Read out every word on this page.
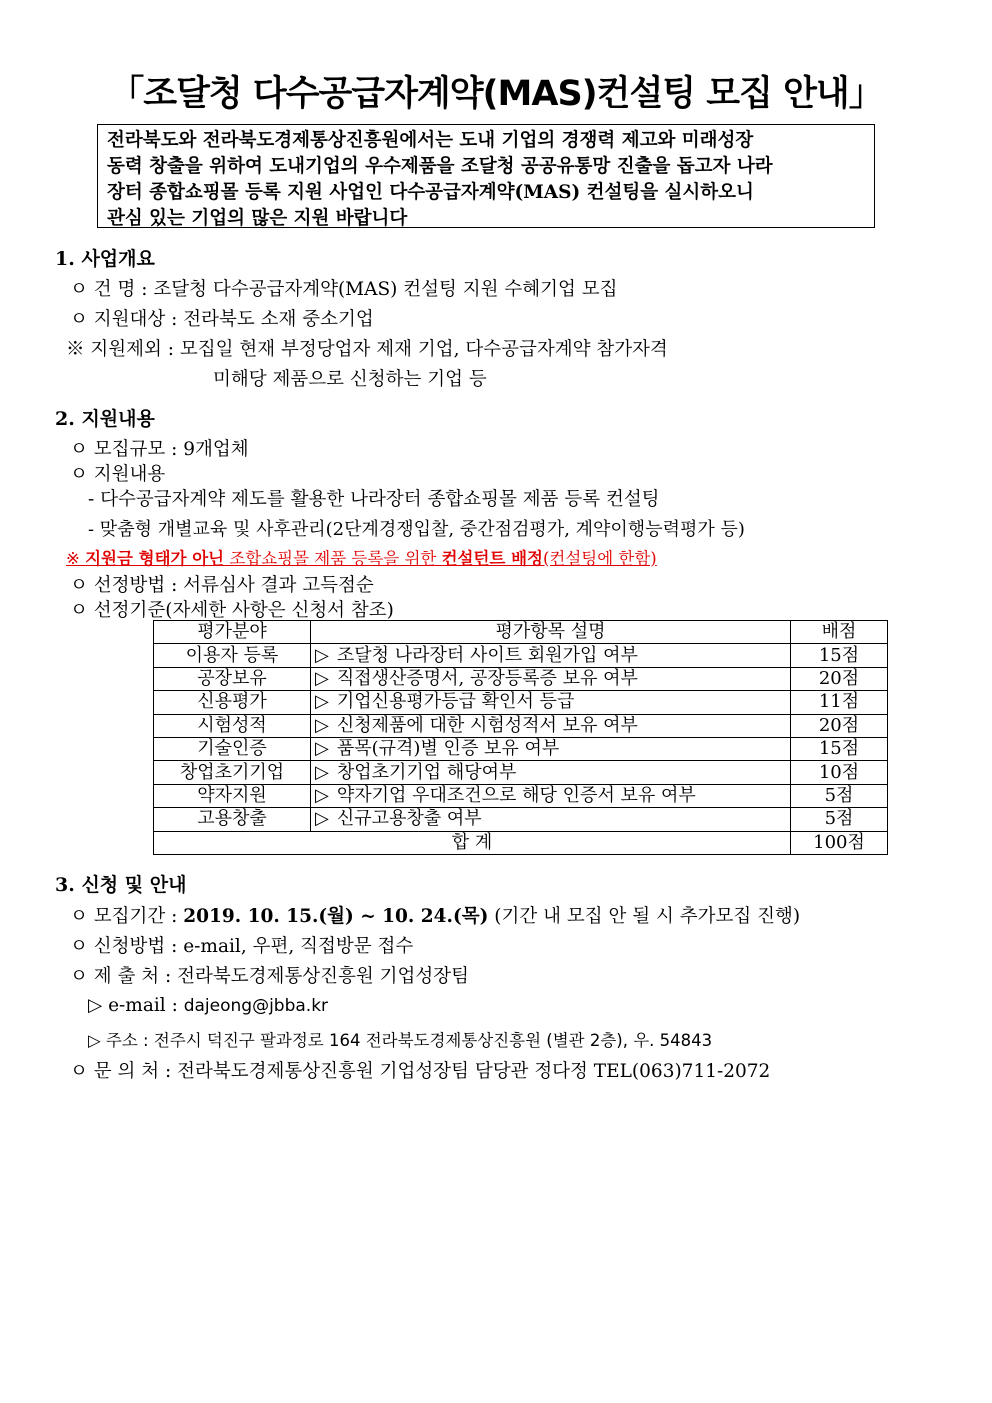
「조달청 다수공급자계약(MAS)컨설팅 모집 안내」
전라북도와 전라북도경제통상진흥원에서는 도내 기업의 경쟁력 제고와 미래성장
동력 창출을 위하여 도내기업의 우수제품을 조달청 공공유통망 진출을 돕고자 나라
장터 종합쇼핑몰 등록 지원 사업인 다수공급자계약(MAS) 컨설팅을 실시하오니
관심 있는 기업의 많은 지원 바랍니다
1. 사업개요
ㅇ 건 명 : 조달청 다수공급자계약(MAS) 컨설팅 지원 수혜기업 모집
ㅇ 지원대상 : 전라북도 소재 중소기업
※ 지원제외 : 모집일 현재 부정당업자 제재 기업, 다수공급자계약 참가자격
미해당 제품으로 신청하는 기업 등
2. 지원내용
ㅇ 모집규모 : 9개업체
ㅇ 지원내용
- 다수공급자계약 제도를 활용한 나라장터 종합쇼핑몰 제품 등록 컨설팅
- 맞춤형 개별교육 및 사후관리(2단계경쟁입찰, 중간점검평가, 계약이행능력평가 등)
※ 지원금 형태가 아닌 조합쇼핑몰 제품 등록을 위한 컨설턴트 배정(컨설팅에 한함)
ㅇ 선정방법 : 서류심사 결과 고득점순
ㅇ 선정기준(자세한 사항은 신청서 참조)
평가분야	평가항목 설명	배점
이용자 등록	▷ 조달청 나라장터 사이트 회원가입 여부	15점
공장보유	▷ 직접생산증명서, 공장등록증 보유 여부	20점
신용평가	▷ 기업신용평가등급 확인서 등급	11점
시험성적	▷ 신청제품에 대한 시험성적서 보유 여부	20점
기술인증	▷ 품목(규격)별 인증 보유 여부	15점
창업초기기업	▷ 창업초기기업 해당여부	10점
약자지원	▷ 약자기업 우대조건으로 해당 인증서 보유 여부	5점
고용창출	▷ 신규고용창출 여부	5점
합 계		100점
3. 신청 및 안내
ㅇ 모집기간 : 2019. 10. 15.(월) ~ 10. 24.(목) (기간 내 모집 안 될 시 추가모집 진행)
ㅇ 신청방법 : e-mail, 우편, 직접방문 접수
ㅇ 제 출 처 : 전라북도경제통상진흥원 기업성장팀
▷ e-mail : dajeong@jbba.kr
▷ 주소 : 전주시 덕진구 팔과정로 164 전라북도경제통상진흥원 (별관 2층), 우. 54843
ㅇ 문 의 처 : 전라북도경제통상진흥원 기업성장팀 담당관 정다정 TEL(063)711-2072
